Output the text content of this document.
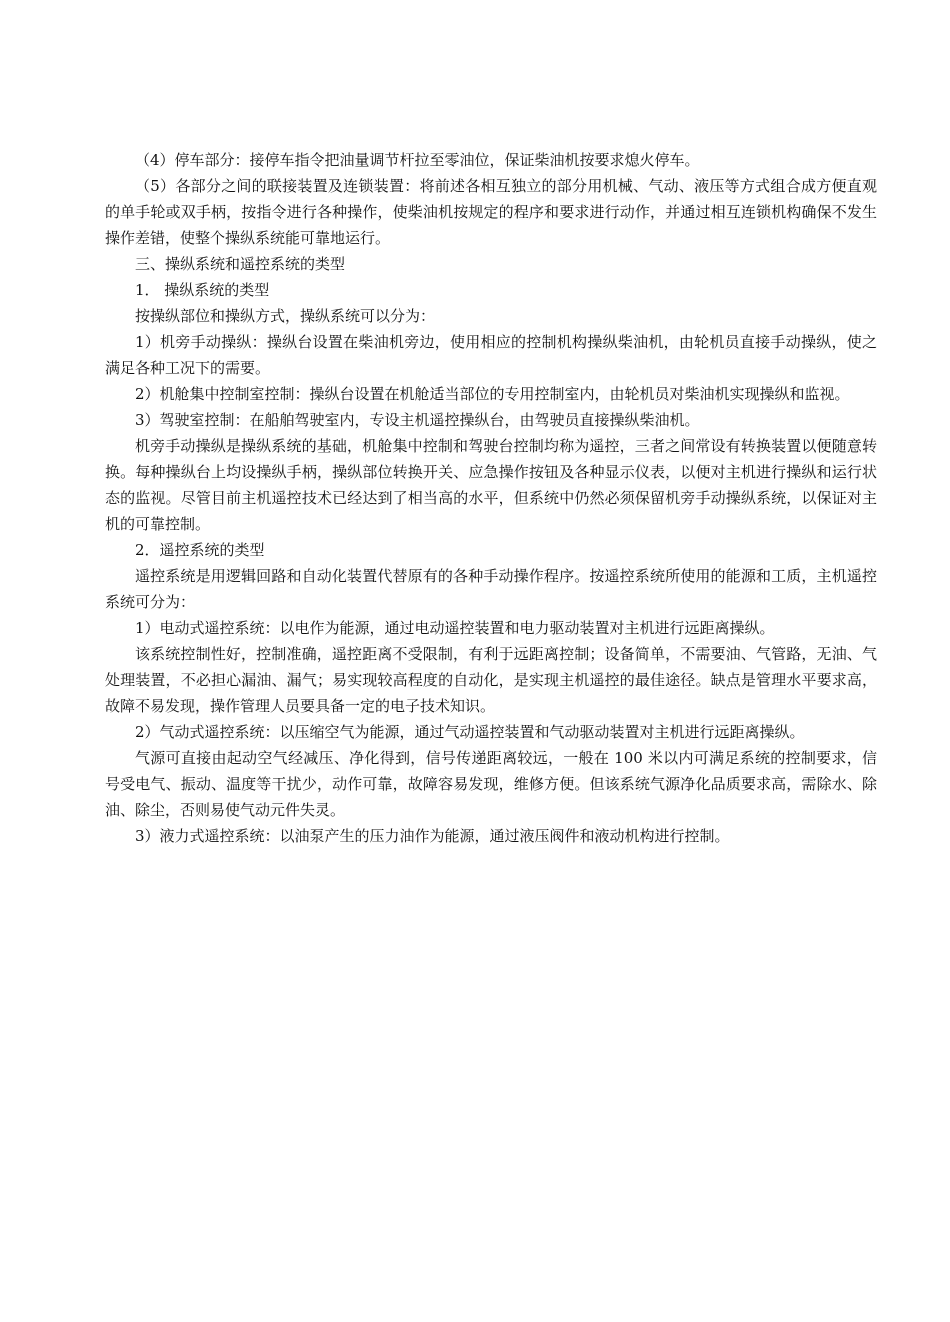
（4）停车部分：接停车指令把油量调节杆拉至零油位，保证柴油机按要求熄火停车。

（5）各部分之间的联接装置及连锁装置：将前述各相互独立的部分用机械、气动、液压等方式组合成方便直观的单手轮或双手柄，按指令进行各种操作，使柴油机按规定的程序和要求进行动作，并通过相互连锁机构确保不发生操作差错，使整个操纵系统能可靠地运行。

三、操纵系统和遥控系统的类型

1． 操纵系统的类型

按操纵部位和操纵方式，操纵系统可以分为：

1）机旁手动操纵：操纵台设置在柴油机旁边，使用相应的控制机构操纵柴油机，由轮机员直接手动操纵，使之满足各种工况下的需要。

2）机舱集中控制室控制：操纵台设置在机舱适当部位的专用控制室内，由轮机员对柴油机实现操纵和监视。

3）驾驶室控制：在船舶驾驶室内，专设主机遥控操纵台，由驾驶员直接操纵柴油机。

机旁手动操纵是操纵系统的基础，机舱集中控制和驾驶台控制均称为遥控，三者之间常设有转换装置以便随意转换。每种操纵台上均设操纵手柄，操纵部位转换开关、应急操作按钮及各种显示仪表，以便对主机进行操纵和运行状态的监视。尽管目前主机遥控技术已经达到了相当高的水平，但系统中仍然必须保留机旁手动操纵系统，以保证对主机的可靠控制。

2．遥控系统的类型

遥控系统是用逻辑回路和自动化装置代替原有的各种手动操作程序。按遥控系统所使用的能源和工质，主机遥控系统可分为：

1）电动式遥控系统：以电作为能源，通过电动遥控装置和电力驱动装置对主机进行远距离操纵。

该系统控制性好，控制准确，遥控距离不受限制，有利于远距离控制；设备简单，不需要油、气管路，无油、气处理装置，不必担心漏油、漏气；易实现较高程度的自动化，是实现主机遥控的最佳途径。缺点是管理水平要求高，故障不易发现，操作管理人员要具备一定的电子技术知识。

2）气动式遥控系统：以压缩空气为能源，通过气动遥控装置和气动驱动装置对主机进行远距离操纵。

气源可直接由起动空气经减压、净化得到，信号传递距离较远，一般在 100 米以内可满足系统的控制要求，信号受电气、振动、温度等干扰少，动作可靠，故障容易发现，维修方便。但该系统气源净化品质要求高，需除水、除油、除尘，否则易使气动元件失灵。

3）液力式遥控系统：以油泵产生的压力油作为能源，通过液压阀件和液动机构进行控制。
